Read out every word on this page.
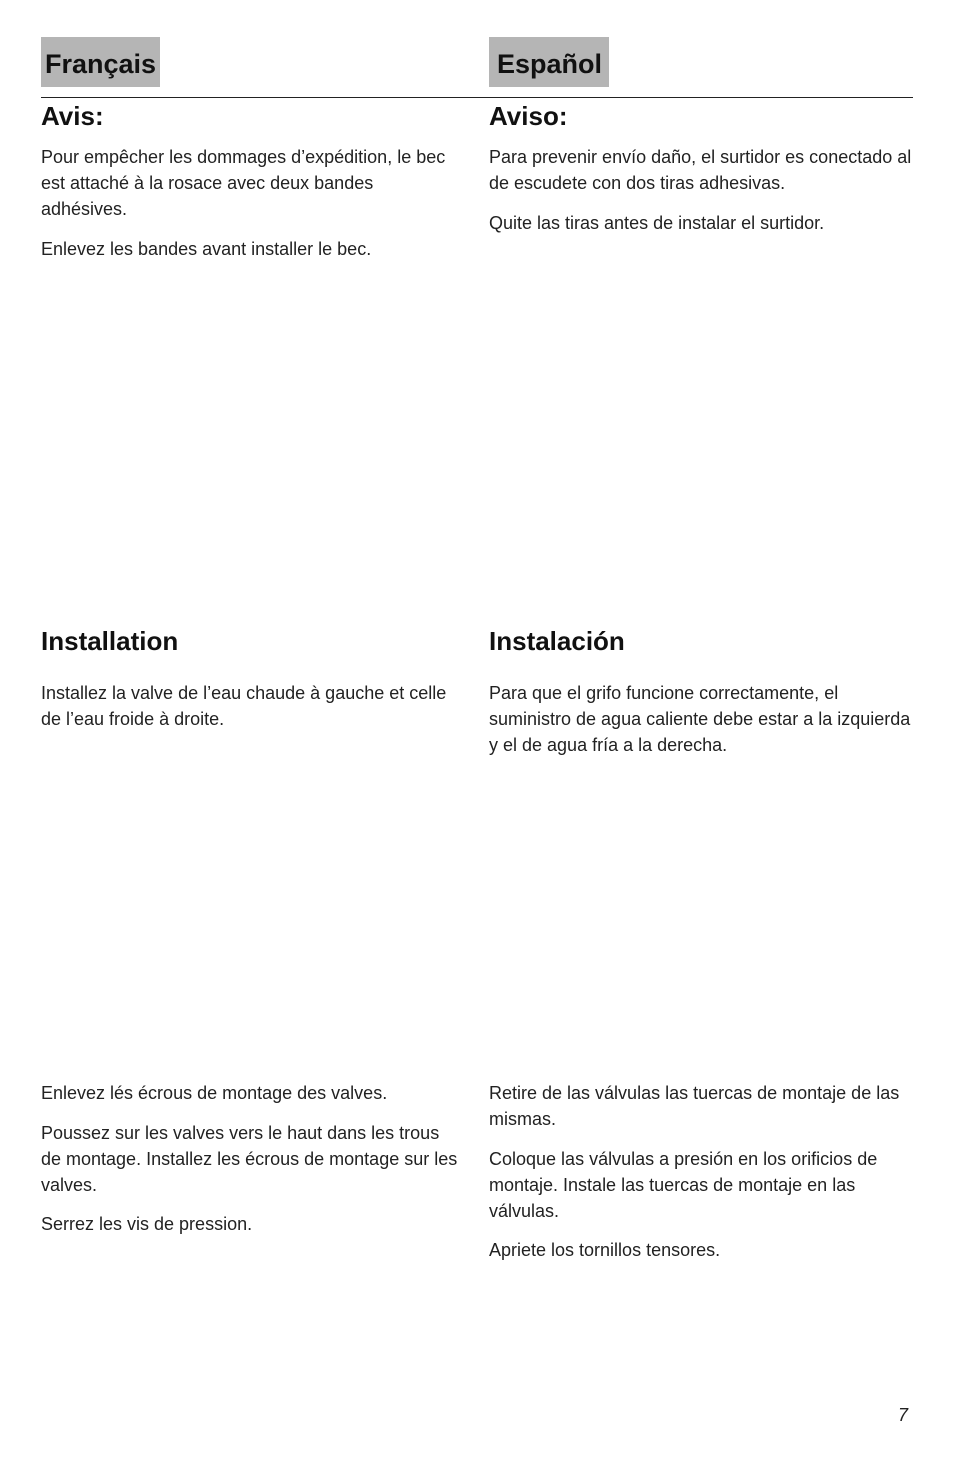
Français	Español
Avis:

Pour empêcher les dommages d’expédition, le bec est attaché à la rosace avec deux bandes adhésives.

Enlevez les bandes avant installer le bec.

Aviso:

Para prevenir envío daño, el surtidor es conectado al de escudete con dos tiras adhesivas.

Quite las tiras antes de instalar el surtidor.

Installation

Installez la valve de l’eau chaude à gauche et celle de l’eau froide à droite.

Instalación

Para que el grifo funcione correctamente, el suministro de agua caliente debe estar a la izquierda y el de agua fría a la derecha.

Enlevez lés écrous de montage des valves.

Poussez sur les valves vers le haut dans les trous de montage. Installez les écrous de montage sur les valves.

Serrez les vis de pression.

Retire de las válvulas las tuercas de montaje de las mismas.

Coloque las válvulas a presión en los orificios de montaje. Instale las tuercas de montaje en las válvulas.

Apriete los tornillos tensores.

7
